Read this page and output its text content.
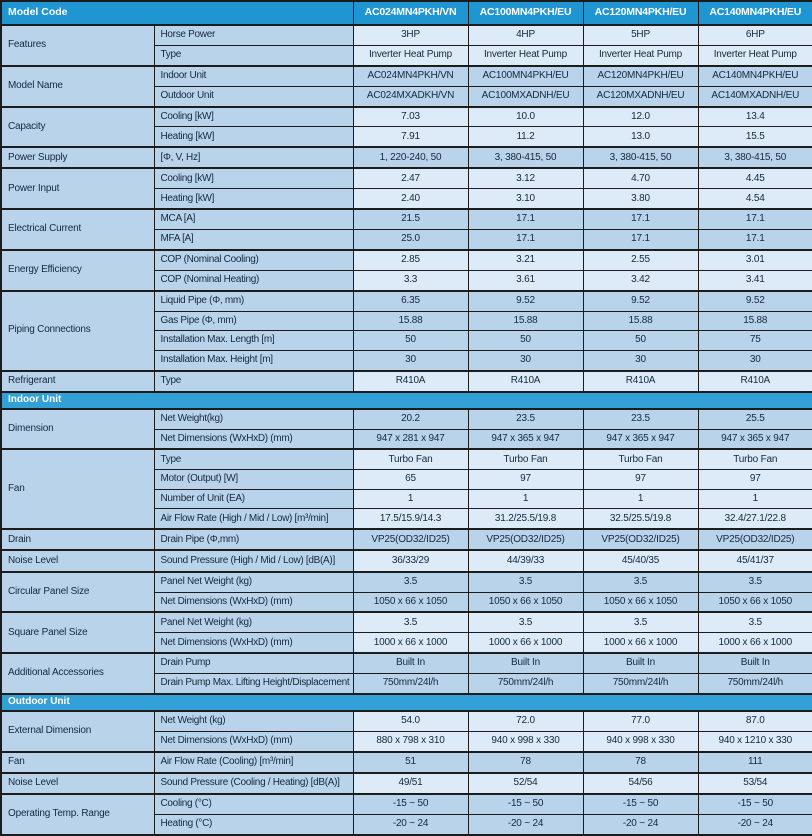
Model Code		AC024MN4PKH/VN	AC100MN4PKH/EU	AC120MN4PKH/EU	AC140MN4PKH/EU
Features	Horse Power	3HP	4HP	5HP	6HP
	Type	Inverter Heat Pump	Inverter Heat Pump	Inverter Heat Pump	Inverter Heat Pump
Model Name	Indoor Unit	AC024MN4PKH/VN	AC100MN4PKH/EU	AC120MN4PKH/EU	AC140MN4PKH/EU
	Outdoor Unit	AC024MXADKH/VN	AC100MXADNH/EU	AC120MXADNH/EU	AC140MXADNH/EU
Capacity	Cooling [kW]	7.03	10.0	12.0	13.4
	Heating [kW]	7.91	11.2	13.0	15.5
Power Supply	[Φ, V, Hz]	1, 220-240, 50	3, 380-415, 50	3, 380-415, 50	3, 380-415, 50
Power Input	Cooling [kW]	2.47	3.12	4.70	4.45
	Heating [kW]	2.40	3.10	3.80	4.54
Electrical Current	MCA [A]	21.5	17.1	17.1	17.1
	MFA [A]	25.0	17.1	17.1	17.1
Energy Efficiency	COP (Nominal Cooling)	2.85	3.21	2.55	3.01
	COP (Nominal Heating)	3.3	3.61	3.42	3.41
Piping Connections	Liquid Pipe (Φ, mm)	6.35	9.52	9.52	9.52
	Gas Pipe (Φ, mm)	15.88	15.88	15.88	15.88
	Installation Max. Length [m]	50	50	50	75
	Installation Max. Height [m]	30	30	30	30
Refrigerant	Type	R410A	R410A	R410A	R410A
Indoor Unit					
Dimension	Net Weight(kg)	20.2	23.5	23.5	25.5
	Net Dimensions (WxHxD) (mm)	947 x 281 x 947	947 x 365 x 947	947 x 365 x 947	947 x 365 x 947
Fan	Type	Turbo Fan	Turbo Fan	Turbo Fan	Turbo Fan
	Motor (Output) [W]	65	97	97	97
	Number of Unit (EA)	1	1	1	1
	Air Flow Rate (High / Mid / Low) [m³/min]	17.5/15.9/14.3	31.2/25.5/19.8	32.5/25.5/19.8	32.4/27.1/22.8
Drain	Drain Pipe (Φ,mm)	VP25(OD32/ID25)	VP25(OD32/ID25)	VP25(OD32/ID25)	VP25(OD32/ID25)
Noise Level	Sound Pressure (High / Mid / Low) [dB(A)]	36/33/29	44/39/33	45/40/35	45/41/37
Circular Panel Size	Panel Net Weight (kg)	3.5	3.5	3.5	3.5
	Net Dimensions (WxHxD) (mm)	1050 x 66 x 1050	1050 x 66 x 1050	1050 x 66 x 1050	1050 x 66 x 1050
Square Panel Size	Panel Net Weight (kg)	3.5	3.5	3.5	3.5
	Net Dimensions (WxHxD) (mm)	1000 x 66 x 1000	1000 x 66 x 1000	1000 x 66 x 1000	1000 x 66 x 1000
Additional Accessories	Drain Pump	Built In	Built In	Built In	Built In
	Drain Pump Max. Lifting Height/Displacement	750mm/24l/h	750mm/24l/h	750mm/24l/h	750mm/24l/h
Outdoor Unit					
External Dimension	Net Weight (kg)	54.0	72.0	77.0	87.0
	Net Dimensions (WxHxD) (mm)	880 x 798 x 310	940 x 998 x 330	940 x 998 x 330	940 x 1210 x 330
Fan	Air Flow Rate (Cooling) [m³/min]	51	78	78	111
Noise Level	Sound Pressure (Cooling / Heating) [dB(A)]	49/51	52/54	54/56	53/54
Operating Temp. Range	Cooling (°C)	-15 ~ 50	-15 ~ 50	-15 ~ 50	-15 ~ 50
	Heating (°C)	-20 ~ 24	-20 ~ 24	-20 ~ 24	-20 ~ 24
